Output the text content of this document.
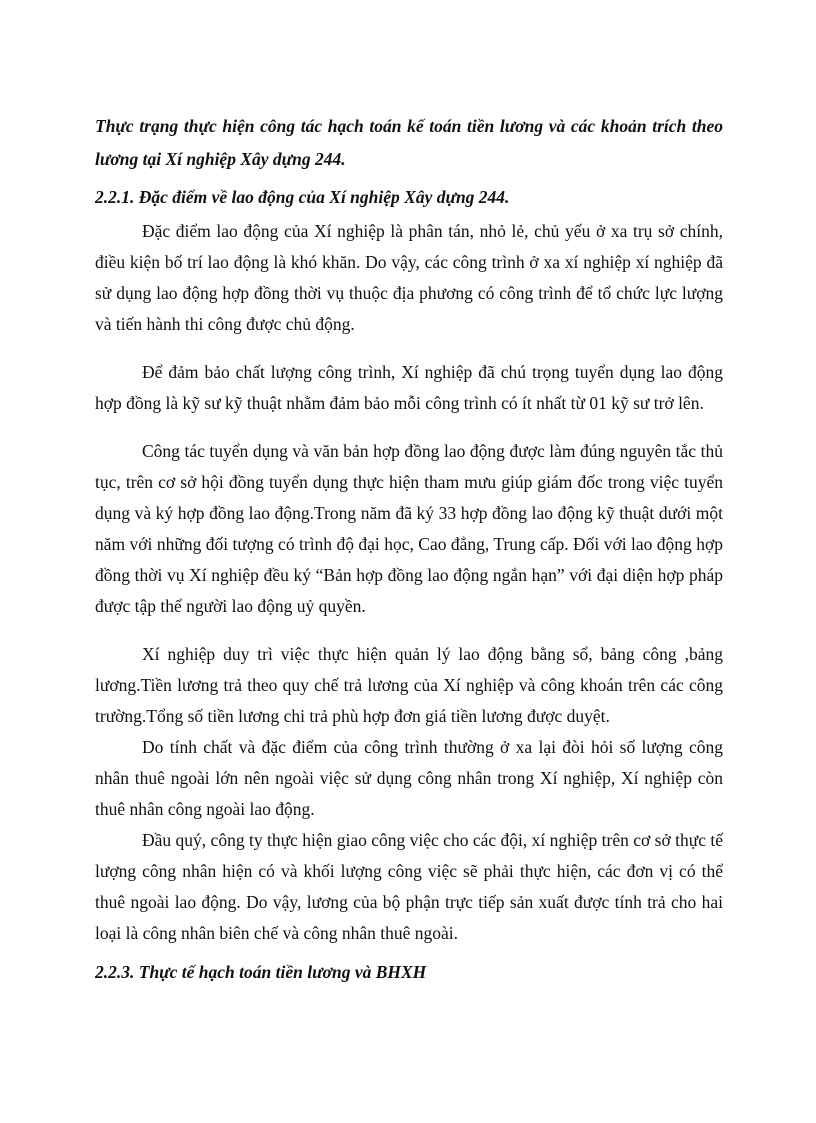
Thực trạng thực hiện công tác hạch toán kế toán tiền lương và các khoản trích theo lương tại Xí nghiệp Xây dựng 244.

2.2.1. Đặc điểm về lao động của Xí nghiệp Xây dựng 244.

Đặc điểm lao động của Xí nghiệp là phân tán, nhỏ lẻ, chủ yếu ở xa trụ sở chính, điều kiện bố trí lao động là khó khăn. Do vậy, các công trình ở xa xí nghiệp xí nghiệp đã sử dụng lao động hợp đồng thời vụ thuộc địa phương có công trình để tổ chức lực lượng và tiến hành thi công được chủ động.

Để đảm bảo chất lượng công trình, Xí nghiệp đã chú trọng tuyển dụng lao động hợp đồng là kỹ sư kỹ thuật nhằm đảm bảo mỗi công trình có ít nhất từ 01 kỹ sư trở lên.

Công tác tuyển dụng và văn bản hợp đồng lao động được làm đúng nguyên tắc thủ tục, trên cơ sở hội đồng tuyển dụng thực hiện tham mưu giúp giám đốc trong việc tuyển dụng và ký hợp đồng lao động.Trong năm đã ký 33 hợp đồng lao động kỹ thuật dưới một năm với những đối tượng có trình độ đại học, Cao đẳng, Trung cấp. Đối với lao động hợp đồng thời vụ Xí nghiệp đều ký “Bản hợp đồng lao động ngắn hạn” với đại diện hợp pháp được tập thể người lao động uỷ quyền.

Xí nghiệp duy trì việc thực hiện quản lý lao động bằng sổ, bảng công ,bảng lương.Tiền lương trả theo quy chế trả lương của Xí nghiệp và công khoán trên các công trường.Tổng số tiền lương chi trả phù hợp đơn giá tiền lương được duyệt.

Do tính chất và đặc điểm của công trình thường ở xa lại đòi hỏi số lượng công nhân thuê ngoài lớn nên ngoài việc sử dụng công nhân trong Xí nghiệp, Xí nghiệp còn thuê nhân công ngoài lao động.

Đầu quý, công ty thực hiện giao công việc cho các đội, xí nghiệp trên cơ sở thực tế lượng công nhân hiện có và khối lượng công việc sẽ phải thực hiện, các đơn vị có thể thuê ngoài lao động. Do vậy, lương của bộ phận trực tiếp sản xuất được tính trả cho hai loại là công nhân biên chế và công nhân thuê ngoài.

2.2.3. Thực tế hạch toán tiền lương và BHXH
